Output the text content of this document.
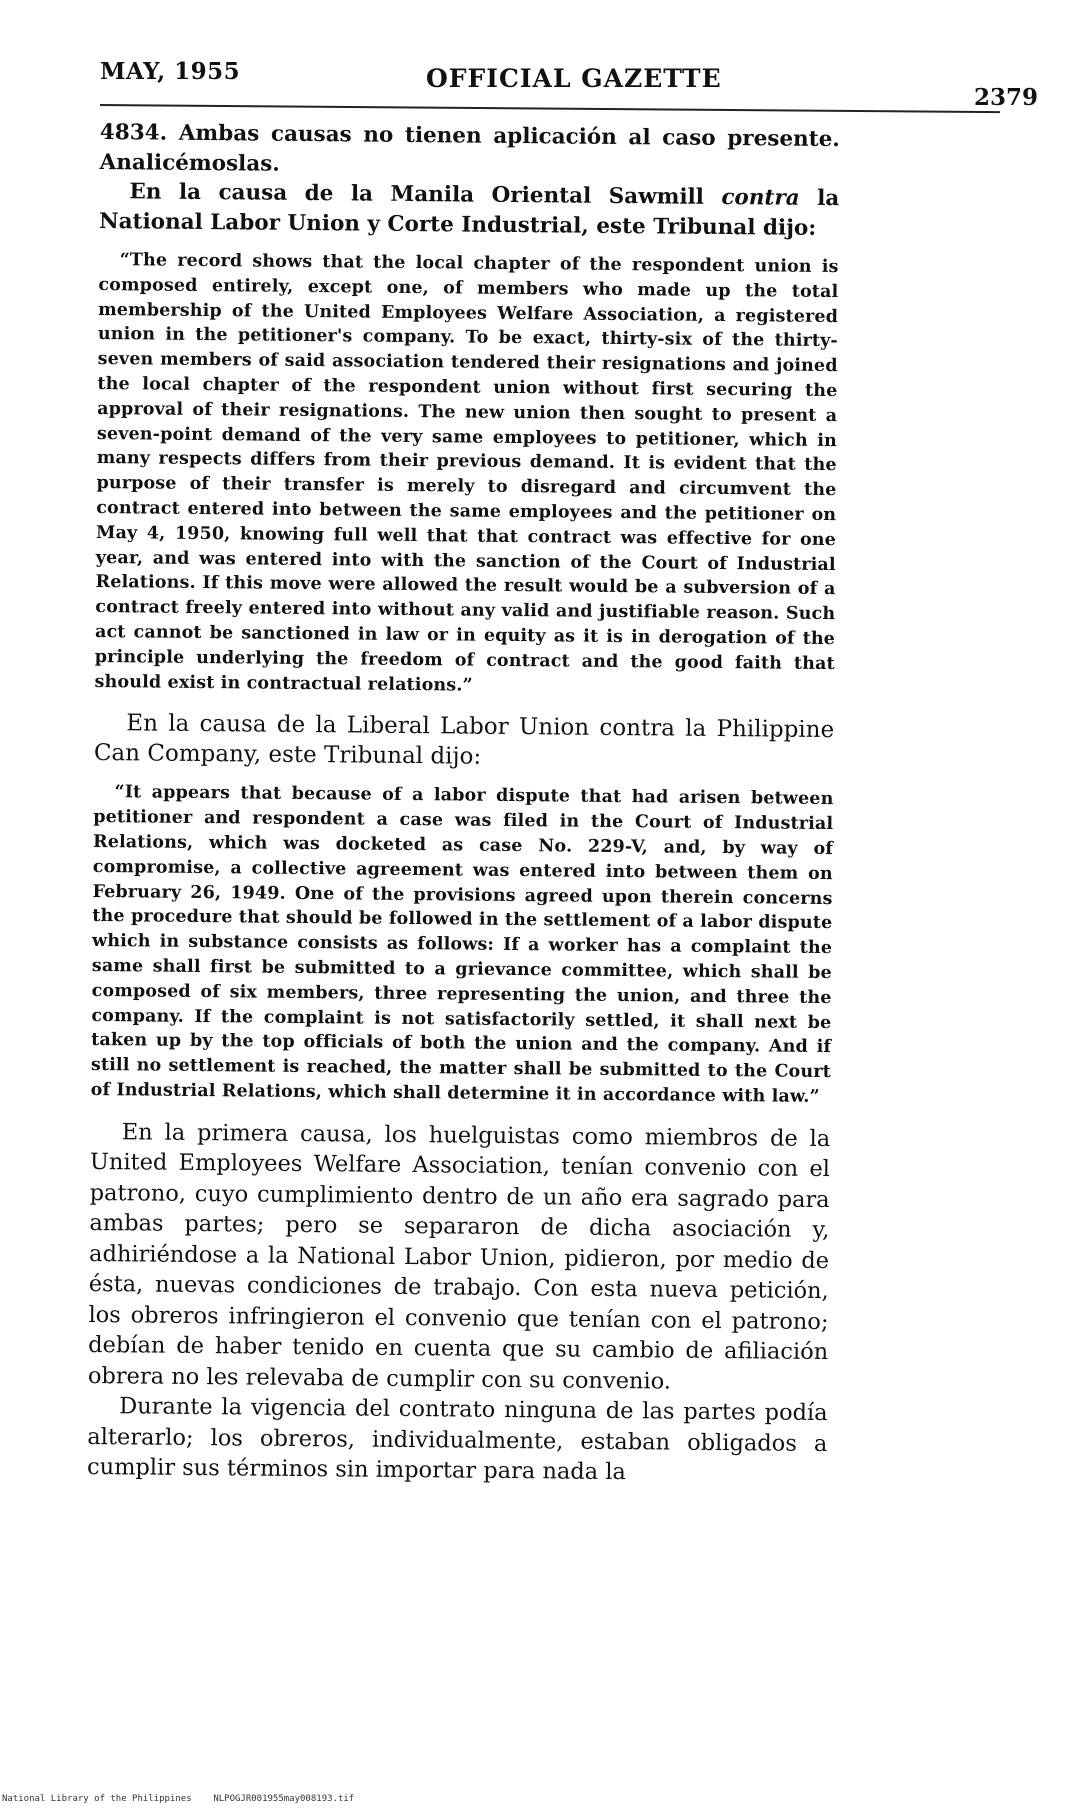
MAY, 1955	OFFICIAL GAZETTE
2379

4834. Ambas causas no tienen aplicación al caso presente. Analicémoslas.

En la causa de la Manila Oriental Sawmill contra la National Labor Union y Corte Industrial, este Tribunal dijo:

“The record shows that the local chapter of the respondent union is composed entirely, except one, of members who made up the total membership of the United Employees Welfare Association, a registered union in the petitioner's company. To be exact, thirty-six of the thirty-seven members of said association tendered their resignations and joined the local chapter of the respondent union without first securing the approval of their resignations. The new union then sought to present a seven-point demand of the very same employees to petitioner, which in many respects differs from their previous demand. It is evident that the purpose of their transfer is merely to disregard and circumvent the contract entered into between the same employees and the petitioner on May 4, 1950, knowing full well that that contract was effective for one year, and was entered into with the sanction of the Court of Industrial Relations. If this move were allowed the result would be a subversion of a contract freely entered into without any valid and justifiable reason. Such act cannot be sanctioned in law or in equity as it is in derogation of the principle underlying the freedom of contract and the good faith that should exist in contractual relations.”

En la causa de la Liberal Labor Union contra la Philippine Can Company, este Tribunal dijo:

“It appears that because of a labor dispute that had arisen between petitioner and respondent a case was filed in the Court of Industrial Relations, which was docketed as case No. 229-V, and, by way of compromise, a collective agreement was entered into between them on February 26, 1949. One of the provisions agreed upon therein concerns the procedure that should be followed in the settlement of a labor dispute which in substance consists as follows: If a worker has a complaint the same shall first be submitted to a grievance committee, which shall be composed of six members, three representing the union, and three the company. If the complaint is not satisfactorily settled, it shall next be taken up by the top officials of both the union and the company. And if still no settlement is reached, the matter shall be submitted to the Court of Industrial Relations, which shall determine it in accordance with law.”

En la primera causa, los huelguistas como miembros de la United Employees Welfare Association, tenían convenio con el patrono, cuyo cumplimiento dentro de un año era sagrado para ambas partes; pero se separaron de dicha asociación y, adhiriéndose a la National Labor Union, pidieron, por medio de ésta, nuevas condiciones de trabajo. Con esta nueva petición, los obreros infringieron el convenio que tenían con el patrono; debían de haber tenido en cuenta que su cambio de afiliación obrera no les relevaba de cumplir con su convenio.

Durante la vigencia del contrato ninguna de las partes podía alterarlo; los obreros, individualmente, estaban obligados a cumplir sus términos sin importar para nada la

National Library of the Philippines    NLPOGJR001955may008193.tif
